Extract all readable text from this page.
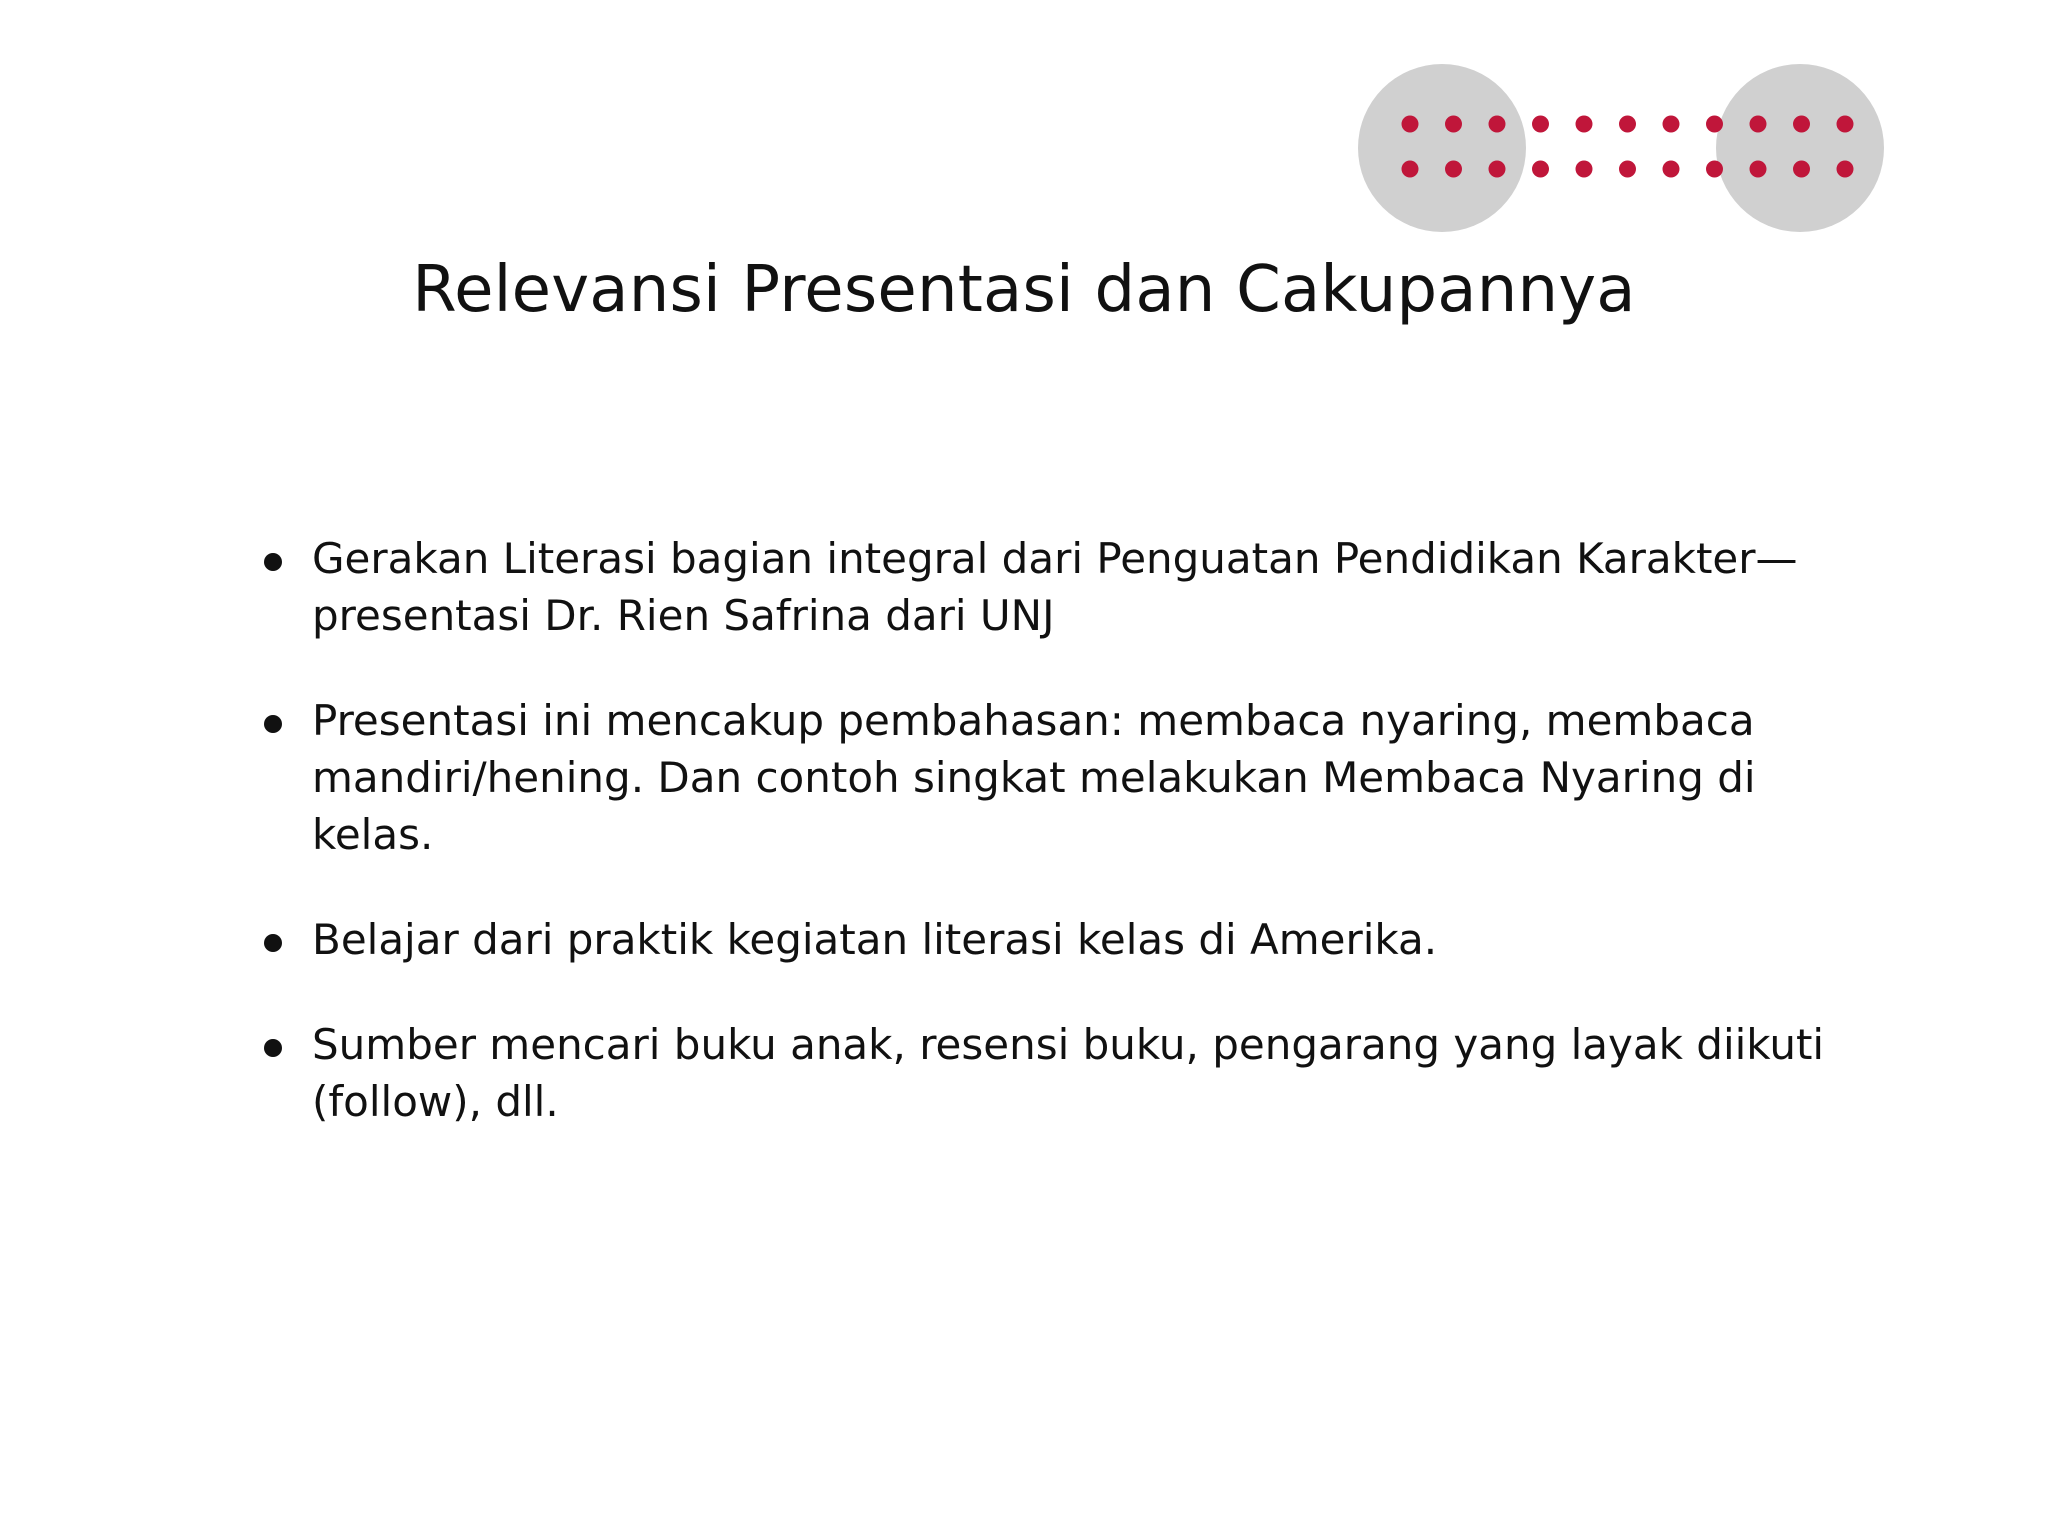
Relevansi Presentasi dan Cakupannya
Gerakan Literasi bagian integral dari Penguatan Pendidikan Karakter—presentasi Dr. Rien Safrina dari UNJ
Presentasi ini mencakup pembahasan: membaca nyaring, membaca mandiri/hening. Dan contoh singkat melakukan Membaca Nyaring di kelas.
Belajar dari praktik kegiatan literasi kelas di Amerika.
Sumber mencari buku anak, resensi buku, pengarang yang layak diikuti (follow), dll.
